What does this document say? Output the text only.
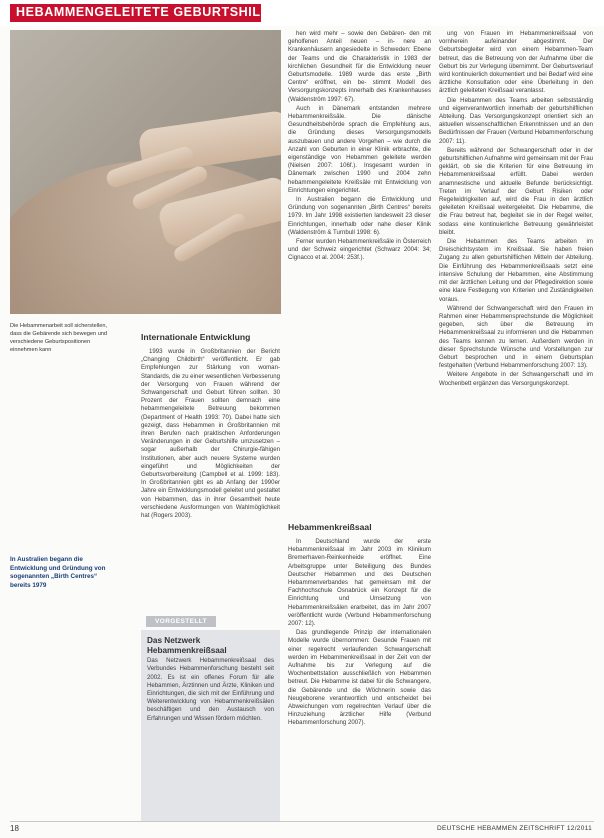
HEBAMMENGELEITETE GEBURTSHILFE
Die Hebammenarbeit soll sicherstellen, dass die Gebärende sich bewegen und verschiedene Geburtspositionen einnehmen kann
In Australien begann die Entwicklung und Gründung von sogenannten „Birth Centres“ bereits 1979

hen wird mehr – sowie den Gebären- den mit geholfenen Anteil neuen – in- nere an Krankenhäusern angesiedelte in Schweden: Ebene der Teams und die Charakteristik in 1983 der kirchlichen Gesundheit für die Entwicklung neuer Geburtsmodelle. 1989 wurde das erste „Birth Centre“ eröffnet, ein be- stimmt Modell des Versorgungskonzepts innerhalb des Krankenhauses (Waldenström 1997: 67).

Auch in Dänemark entstanden mehrere Hebammenkreißsäle. Die dänische Gesundheitsbehörde sprach die Empfehlung aus, die Gründung dieses Versorgungsmodells auszubauen und andere Vorgehen – wie durch die Anzahl von Geburten in einer Klinik erbrachte, die eigenständige von Hebammen geleitete werden (Nielsen 2007: 106f.). Insgesamt wurden in Dänemark zwischen 1990 und 2004 zehn hebammengeleitete Kreißsäle mit Entwicklung von Einrichtungen eingerichtet.

In Australien begann die Entwicklung und Gründung von sogenannten „Birth Centres“ bereits 1979. Im Jahr 1998 existierten landesweit 23 dieser Einrichtungen, innerhalb oder nahe dieser Klinik (Waldenström & Turnbull 1998: 6).

Ferner wurden Hebammenkreißsäle in Österreich und der Schweiz eingerichtet (Schwarz 2004: 34; Cignacco et al. 2004: 253f.).

Internationale Entwicklung

1993 wurde in Großbritannien der Bericht „Changing Childbirth“ veröffentlicht. Er gab Empfehlungen zur Stärkung von woman-Standards, die zu einer wesentlichen Verbesserung der Versorgung von Frauen während der Schwangerschaft und Geburt führen sollten. 30 Prozent der Frauen sollten demnach eine hebammengeleitete Betreuung bekommen (Department of Health 1993: 70). Dabei hatte sich gezeigt, dass Hebammen in Großbritannien mit ihren Berufen nach praktischen Anforderungen Veränderungen in der Geburtshilfe umzusetzen – sogar außerhalb der Chirurgie-fähigen Institutionen, aber auch neuere Systeme wurden eingeführt und Möglichkeiten der Geburtsvorbereitung (Campbell et al. 1999: 183). In Großbritannien gibt es ab Anfang der 1990er Jahre ein Entwicklungsmodell geleitet und gestaltet von Hebammen, das in ihrer Gesamtheit heute verschiedene Ausformungen von Wahlmöglichkeit hat (Rogers 2003).

Das Netzwerk Hebammenkreißsaal
Das Netzwerk Hebammenkreißsaal des Verbundes Hebammenforschung besteht seit 2002. Es ist ein offenes Forum für alle Hebammen, Ärztinnen und Ärzte, Kliniken und Einrichtungen, die sich mit der Einführung und Weiterentwicklung von Hebammenkreißsälen beschäftigen und den Austausch von Erfahrungen und Wissen fördern möchten.
VORGESTELLT
Hebammenkreißsaal

In Deutschland wurde der erste Hebammenkreißsaal im Jahr 2003 im Klinikum Bremerhaven-Reinkenheide eröffnet. Eine Arbeitsgruppe unter Beteiligung des Bundes Deutscher Hebammen und des Deutschen Hebammenverbandes hat gemeinsam mit der Fachhochschule Osnabrück ein Konzept für die Einrichtung und Umsetzung von Hebammenkreißsälen erarbeitet, das im Jahr 2007 veröffentlicht wurde (Verbund Hebammenforschung 2007: 12).

Das grundlegende Prinzip der internationalen Modelle wurde übernommen: Gesunde Frauen mit einer regelrecht verlaufenden Schwangerschaft werden im Hebammenkreißsaal in der Zeit von der Aufnahme bis zur Verlegung auf die Wochenbettstation ausschließlich von Hebammen betreut. Die Hebamme ist dabei für die Schwangere, die Gebärende und die Wöchnerin sowie das Neugeborene verantwortlich und entscheidet bei Abweichungen vom regelrechten Verlauf über die Hinzuziehung ärztlicher Hilfe (Verbund Hebammenforschung 2007).

ung von Frauen im Hebammenkreißsaal von vornherein aufeinander abgestimmt. Der Geburtsbegleiter wird von einem Hebammen-Team betreut, das die Betreuung von der Aufnahme über die Geburt bis zur Verlegung übernimmt. Der Geburtsverlauf wird kontinuierlich dokumentiert und bei Bedarf wird eine ärztliche Konsultation oder eine Überleitung in den ärztlich geleiteten Kreißsaal veranlasst.

Die Hebammen des Teams arbeiten selbstständig und eigenverantwortlich innerhalb der geburtshilflichen Abteilung. Das Versorgungskonzept orientiert sich an aktuellen wissenschaftlichen Erkenntnissen und an den Bedürfnissen der Frauen (Verbund Hebammenforschung 2007: 11).

Bereits während der Schwangerschaft oder in der geburtshilflichen Aufnahme wird gemeinsam mit der Frau geklärt, ob sie die Kriterien für eine Betreuung im Hebammenkreißsaal erfüllt. Dabei werden anamnestische und aktuelle Befunde berücksichtigt. Treten im Verlauf der Geburt Risiken oder Regelwidrigkeiten auf, wird die Frau in den ärztlich geleiteten Kreißsaal weitergeleitet. Die Hebamme, die die Frau betreut hat, begleitet sie in der Regel weiter, sodass eine kontinuierliche Betreuung gewährleistet bleibt.

Die Hebammen des Teams arbeiten im Dreischichtsystem im Kreißsaal. Sie haben freien Zugang zu allen geburtshilflichen Mitteln der Abteilung. Die Einführung des Hebammenkreißsaals setzt eine intensive Schulung der Hebammen, eine Abstimmung mit der ärztlichen Leitung und der Pflegedirektion sowie eine klare Festlegung von Kriterien und Zuständigkeiten voraus.

Während der Schwangerschaft wird den Frauen im Rahmen einer Hebammensprechstunde die Möglichkeit gegeben, sich über die Betreuung im Hebammenkreißsaal zu informieren und die Hebammen des Teams kennen zu lernen. Außerdem werden in dieser Sprechstunde Wünsche und Vorstellungen zur Geburt besprochen und in einem Geburtsplan festgehalten (Verbund Hebammenforschung 2007: 13).

Weitere Angebote in der Schwangerschaft und im Wochenbett ergänzen das Versorgungskonzept.

18	DEUTSCHE HEBAMMEN ZEITSCHRIFT 12/2011
